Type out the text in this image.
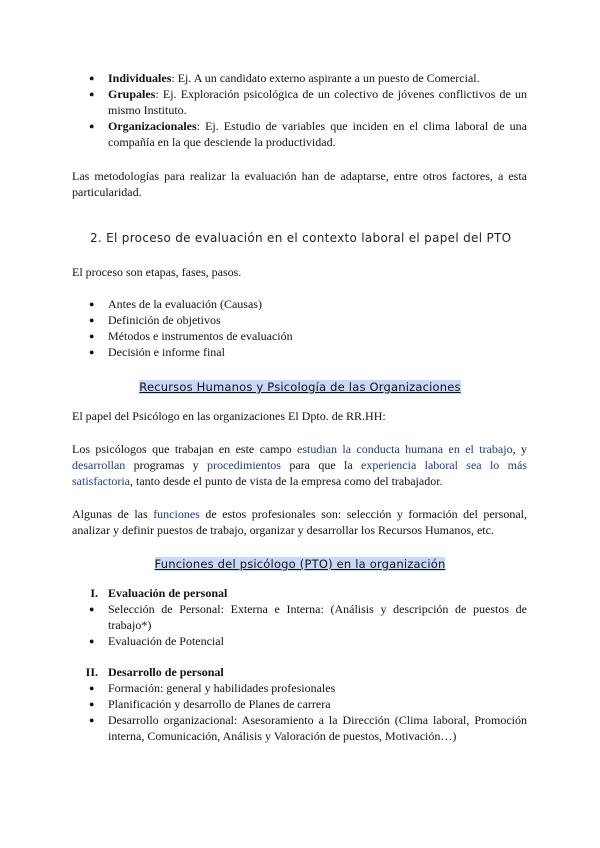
● Individuales: Ej. A un candidato externo aspirante a un puesto de Comercial.
● Grupales: Ej. Exploración psicológica de un colectivo de jóvenes conflictivos de un mismo Instituto.
● Organizacionales: Ej. Estudio de variables que inciden en el clima laboral de una compañía en la que desciende la productividad.
Las metodologías para realizar la evaluación han de adaptarse, entre otros factores, a esta particularidad.
2. El proceso de evaluación en el contexto laboral el papel del PTO
El proceso son etapas, fases, pasos.
● Antes de la evaluación (Causas)
● Definición de objetivos
● Métodos e instrumentos de evaluación
● Decisión e informe final
Recursos Humanos y Psicología de las Organizaciones
El papel del Psicólogo en las organizaciones El Dpto. de RR.HH:
Los psicólogos que trabajan en este campo estudian la conducta humana en el trabajo, y desarrollan programas y procedimientos para que la experiencia laboral sea lo más satisfactoria, tanto desde el punto de vista de la empresa como del trabajador.
Algunas de las funciones de estos profesionales son: selección y formación del personal, analizar y definir puestos de trabajo, organizar y desarrollar los Recursos Humanos, etc.
Funciones del psicólogo (PTO) en la organización
I. Evaluación de personal
● Selección de Personal: Externa e Interna: (Análisis y descripción de puestos de trabajo*)
● Evaluación de Potencial
II. Desarrollo de personal
● Formación: general y habilidades profesionales
● Planificación y desarrollo de Planes de carrera
● Desarrollo organizacional: Asesoramiento a la Dirección (Clima laboral, Promoción interna, Comunicación, Análisis y Valoración de puestos, Motivación…)
